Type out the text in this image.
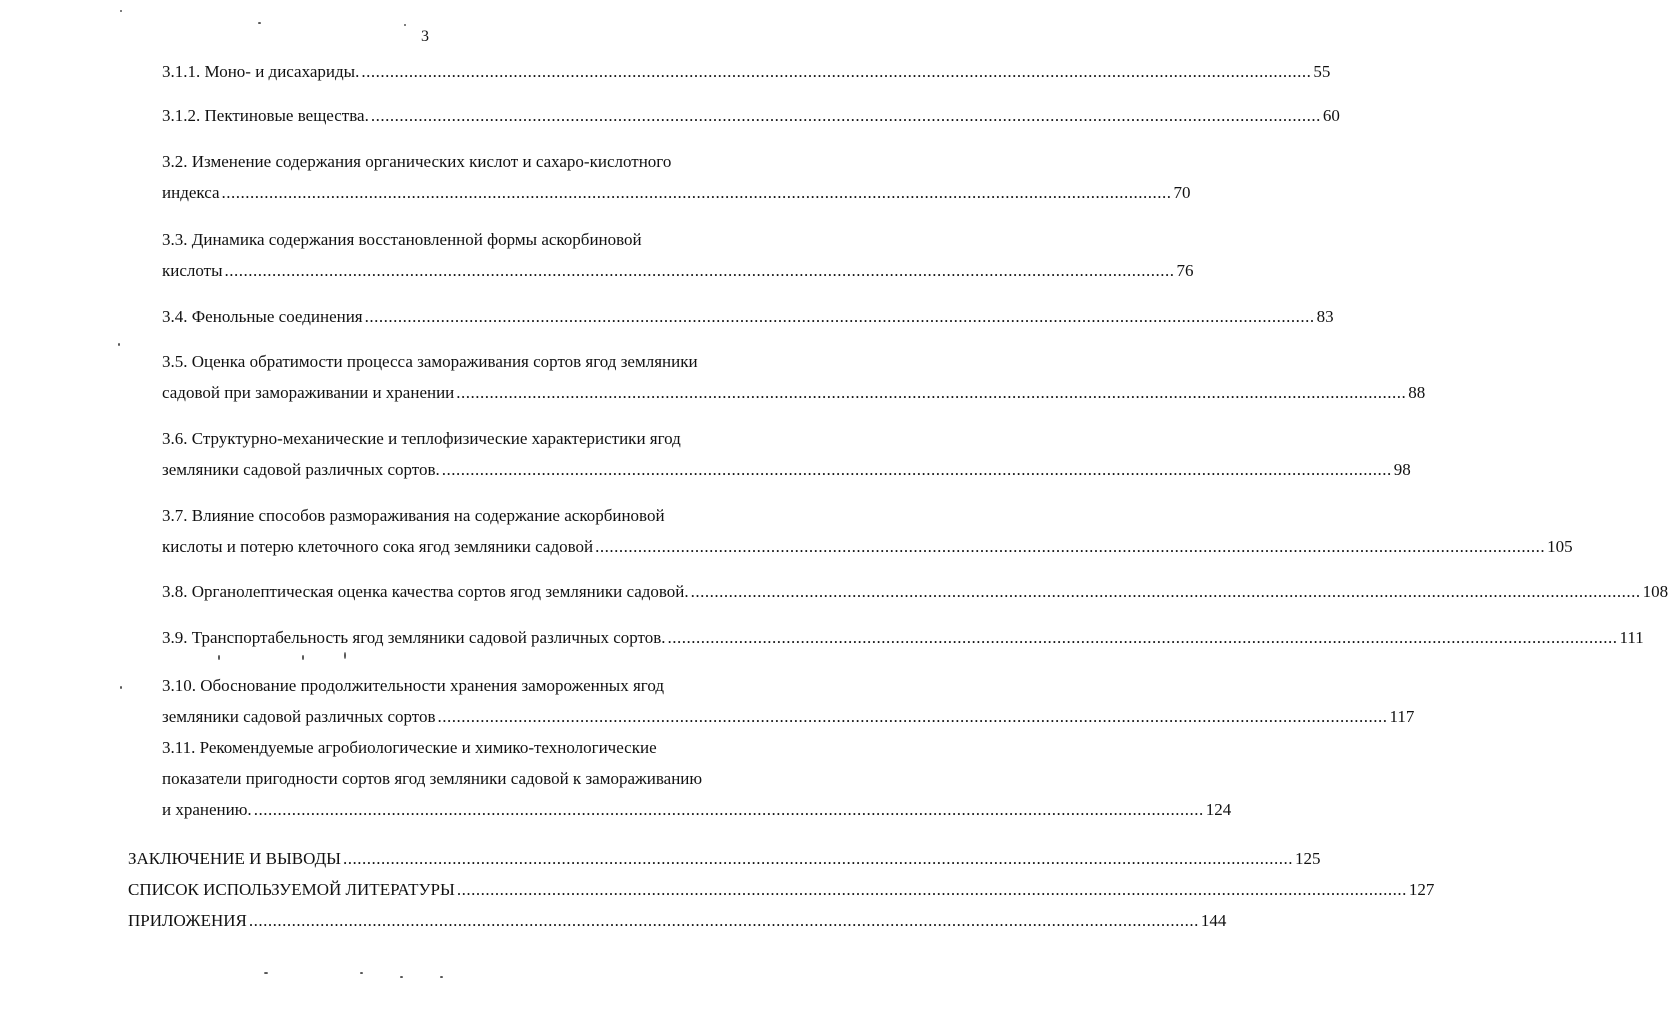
3
3.1.1. Моно- и дисахариды. ........................................................................................................................................................................................................ 55
3.1.2. Пектиновые вещества. ........................................................................................................................................................................................................ 60
3.2. Изменение содержания органических кислот и сахаро-кислотного
индекса ........................................................................................................................................................................................................ 70
3.3. Динамика содержания восстановленной формы аскорбиновой
кислоты ........................................................................................................................................................................................................ 76
3.4. Фенольные соединения ........................................................................................................................................................................................................ 83
3.5. Оценка обратимости процесса замораживания сортов ягод земляники
садовой при замораживании и хранении ........................................................................................................................................................................................................ 88
3.6. Структурно-механические и теплофизические характеристики ягод
земляники садовой различных сортов. ........................................................................................................................................................................................................ 98
3.7. Влияние способов размораживания на содержание аскорбиновой
кислоты и потерю клеточного сока ягод земляники садовой ........................................................................................................................................................................................................ 105
3.8. Органолептическая оценка качества сортов ягод земляники садовой. ........................................................................................................................................................................................................ 108
3.9. Транспортабельность ягод земляники садовой различных сортов. ........................................................................................................................................................................................................ 111
3.10. Обоснование продолжительности хранения замороженных ягод
земляники садовой различных сортов ........................................................................................................................................................................................................ 117
3.11. Рекомендуемые агробиологические и химико-технологические
показатели пригодности сортов ягод земляники садовой к замораживанию
и хранению. ........................................................................................................................................................................................................ 124
ЗАКЛЮЧЕНИЕ И ВЫВОДЫ ........................................................................................................................................................................................................ 125
СПИСОК ИСПОЛЬЗУЕМОЙ ЛИТЕРАТУРЫ ........................................................................................................................................................................................................ 127
ПРИЛОЖЕНИЯ ........................................................................................................................................................................................................ 144
